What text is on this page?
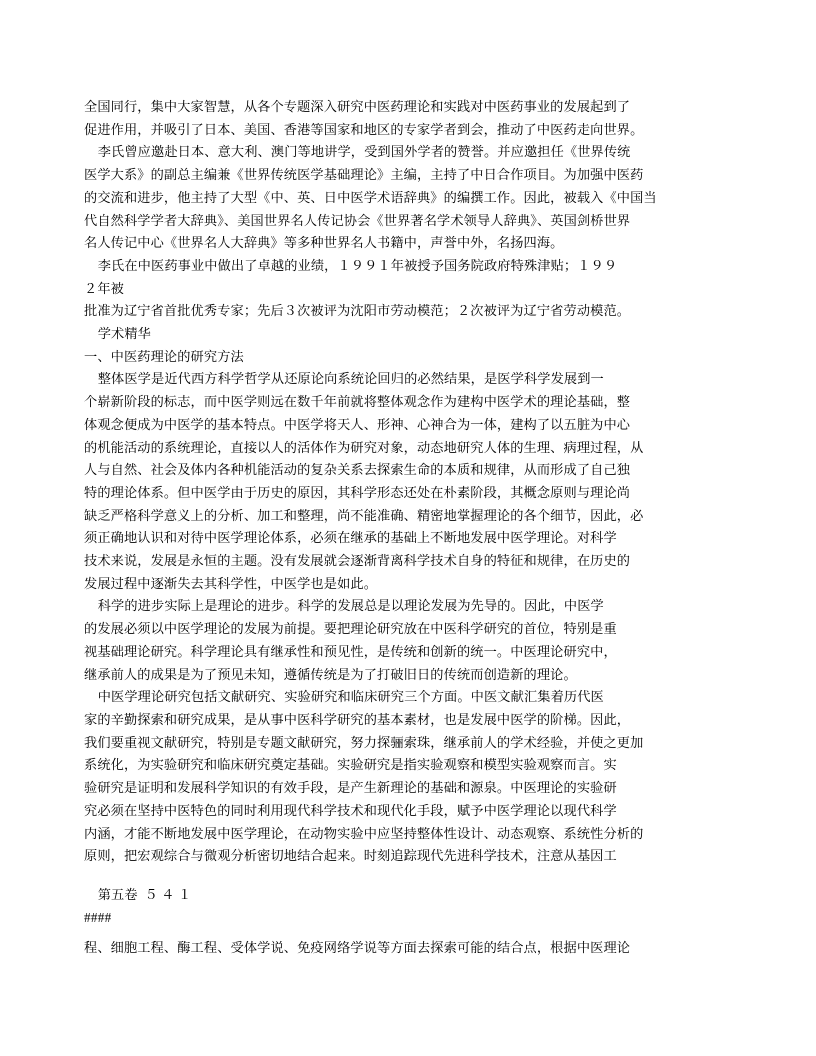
全国同行，集中大家智慧，从各个专题深入研究中医药理论和实践对中医药事业的发展起到了

促进作用，并吸引了日本、美国、香港等国家和地区的专家学者到会，推动了中医药走向世界。

李氏曾应邀赴日本、意大利、澳门等地讲学，受到国外学者的赞誉。并应邀担任《世界传统

医学大系》的副总主编兼《世界传统医学基础理论》主编，主持了中日合作项目。为加强中医药

的交流和进步，他主持了大型《中、英、日中医学术语辞典》的编撰工作。因此，被载入《中国当

代自然科学学者大辞典》、美国世界名人传记协会《世界著名学术领导人辞典》、英国剑桥世界

名人传记中心《世界名人大辞典》等多种世界名人书籍中，声誉中外，名扬四海。

李氏在中医药事业中做出了卓越的业绩，１９９１年被授予国务院政府特殊津贴；１９９

２年被

批准为辽宁省首批优秀专家；先后３次被评为沈阳市劳动模范；２次被评为辽宁省劳动模范。

学术精华

一、中医药理论的研究方法

整体医学是近代西方科学哲学从还原论向系统论回归的必然结果，是医学科学发展到一

个崭新阶段的标志，而中医学则远在数千年前就将整体观念作为建构中医学术的理论基础，整

体观念便成为中医学的基本特点。中医学将天人、形神、心神合为一体，建构了以五脏为中心

的机能活动的系统理论，直接以人的活体作为研究对象，动态地研究人体的生理、病理过程，从

人与自然、社会及体内各种机能活动的复杂关系去探索生命的本质和规律，从而形成了自己独

特的理论体系。但中医学由于历史的原因，其科学形态还处在朴素阶段，其概念原则与理论尚

缺乏严格科学意义上的分析、加工和整理，尚不能准确、精密地掌握理论的各个细节，因此，必

须正确地认识和对待中医学理论体系，必须在继承的基础上不断地发展中医学理论。对科学

技术来说，发展是永恒的主题。没有发展就会逐渐背离科学技术自身的特征和规律，在历史的

发展过程中逐渐失去其科学性，中医学也是如此。

科学的进步实际上是理论的进步。科学的发展总是以理论发展为先导的。因此，中医学

的发展必须以中医学理论的发展为前提。要把理论研究放在中医科学研究的首位，特别是重

视基础理论研究。科学理论具有继承性和预见性，是传统和创新的统一。中医理论研究中，

继承前人的成果是为了预见未知，遵循传统是为了打破旧日的传统而创造新的理论。

中医学理论研究包括文献研究、实验研究和临床研究三个方面。中医文献汇集着历代医

家的辛勤探索和研究成果，是从事中医科学研究的基本素材，也是发展中医学的阶梯。因此，

我们要重视文献研究，特别是专题文献研究，努力探骊索珠，继承前人的学术经验，并使之更加

系统化，为实验研究和临床研究奠定基础。实验研究是指实验观察和模型实验观察而言。实

验研究是证明和发展科学知识的有效手段，是产生新理论的基础和源泉。中医理论的实验研

究必须在坚持中医特色的同时利用现代科学技术和现代化手段，赋予中医学理论以现代科学

内涵，才能不断地发展中医学理论，在动物实验中应坚持整体性设计、动态观察、系统性分析的

原则，把宏观综合与微观分析密切地结合起来。时刻追踪现代先进科学技术，注意从基因工

第五卷  ５ ４ １

####

程、细胞工程、酶工程、受体学说、免疫网络学说等方面去探索可能的结合点，根据中医理论
